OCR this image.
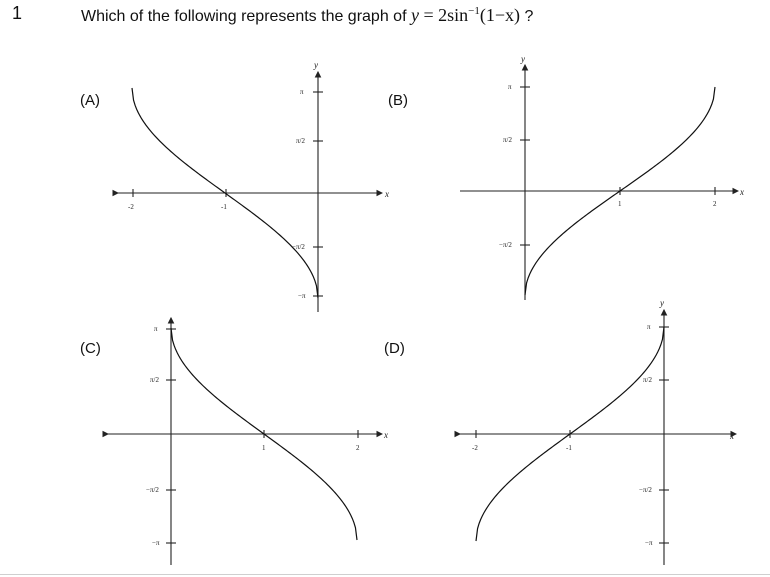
1	Which of the following represents the graph of $y = 2\sin^{-1}(1-x)$ ?
(A)	(B)
(C)	(D)
-2	-1
π
π/2
−π/2
−π
x
y
1	2
π
π/2
−π/2
x
y
1	2
π
π/2
−π/2
−π
x
-2	-1
π
π/2
−π/2
−π
x
y
